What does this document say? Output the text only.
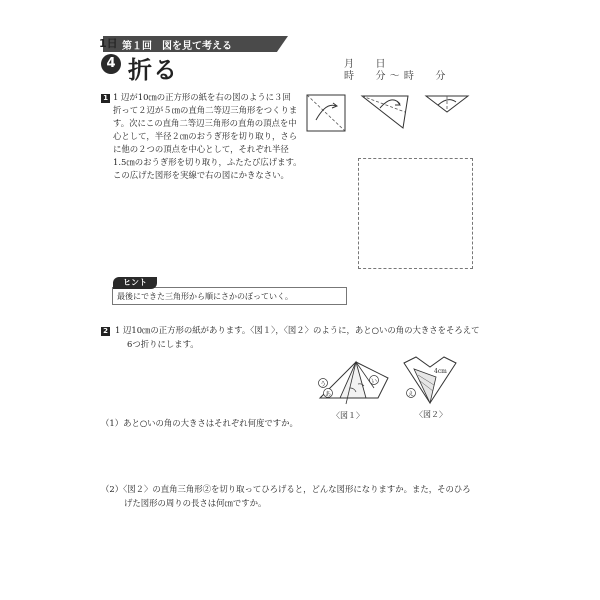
第１回　図を見て考える
1日
4 折る	月　　日
時　　分 ～ 時　　分
1 1 辺が10㎝の正方形の紙を右の図のように３回
折って２辺が５㎝の直角二等辺三角形をつくりま
す。次にこの直角二等辺三角形の直角の頂点を中
心として，半径２㎝のおうぎ形を切り取り，さら
に他の２つの頂点を中心として，それぞれ半径
1.5㎝のおうぎ形を切り取り，ふたたび広げます。
この広げた図形を実線で右の図にかきなさい。
ヒント
最後にできた三角形から順にさかのぼっていく。
2 1 辺10㎝の正方形の紙があります。〈図１〉，〈図２〉のように，あと○いの角の大きさをそろえて
6つ折りにします。
う
あ
い
〈図１〉
4cm
え
〈図２〉
（1）あと○いの角の大きさはそれぞれ何度ですか。
（2）〈図２〉の直角三角形②を切り取ってひろげると，どんな図形になりますか。また，そのひろ
げた図形の周りの長さは何㎝ですか。
